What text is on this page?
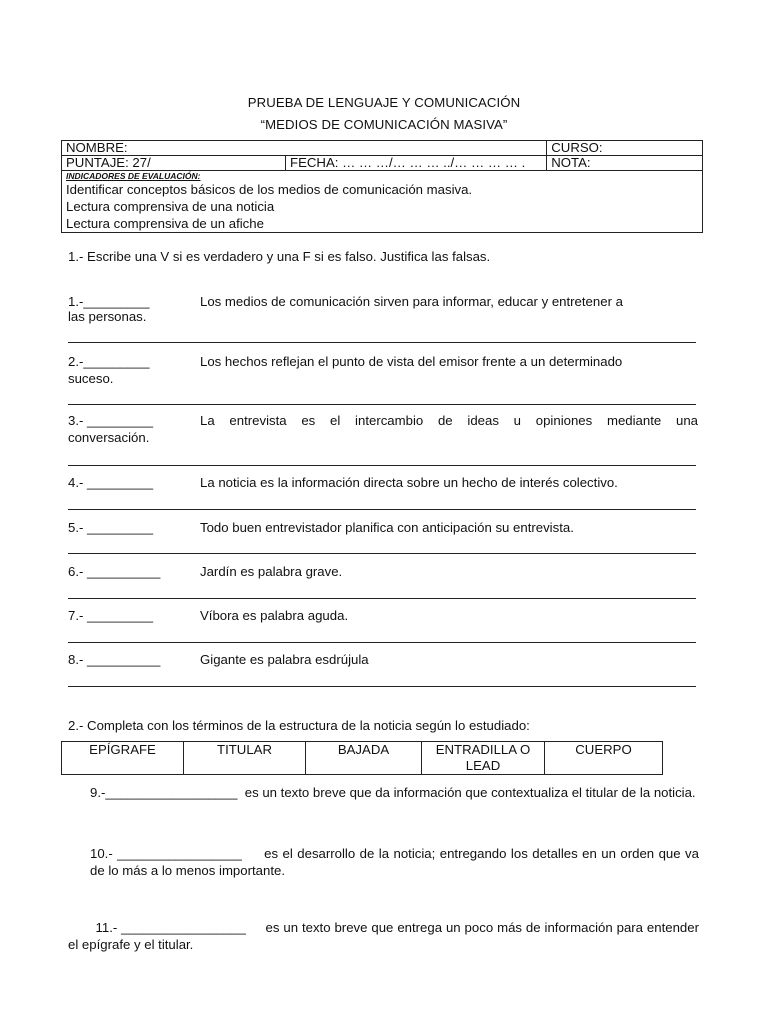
PRUEBA DE LENGUAJE Y COMUNICACIÓN
“MEDIOS DE COMUNICACIÓN MASIVA”
NOMBRE:		CURSO:
PUNTAJE: 27/	FECHA: … … …/… … … ../… … … … .	NOTA:

INDICADORES DE EVALUACIÓN:
Identificar conceptos básicos de los medios de comunicación masiva.
Lectura comprensiva de una noticia
Lectura comprensiva de un afiche		
1.- Escribe una V si es verdadero y una F si es falso. Justifica las falsas.
1.-_________	Los medios de comunicación sirven para informar, educar y entretener a
las personas.
2.-_________	Los hechos reflejan el punto de vista del emisor frente a un determinado
suceso.
3.- _________	La entrevista es el intercambio de ideas u opiniones mediante una
conversación.
4.- _________	La noticia es la información directa sobre un hecho de interés colectivo.
5.- _________	Todo buen entrevistador planifica con anticipación su entrevista.
6.- __________	Jardín es palabra grave.
7.- _________	Víbora es palabra aguda.
8.- __________	Gigante es palabra esdrújula
2.- Completa con los términos de la estructura de la noticia según lo estudiado:
EPÍGRAFE	TITULAR	BAJADA	ENTRADILLA O LEAD	CUERPO
9.-__________________ es un texto breve que da información que contextualiza el titular de la noticia.
10.- _________________ es el desarrollo de la noticia; entregando los detalles en un orden que va de lo más a lo menos importante.
11.- _________________ es un texto breve que entrega un poco más de información para entender el epígrafe y el titular.
